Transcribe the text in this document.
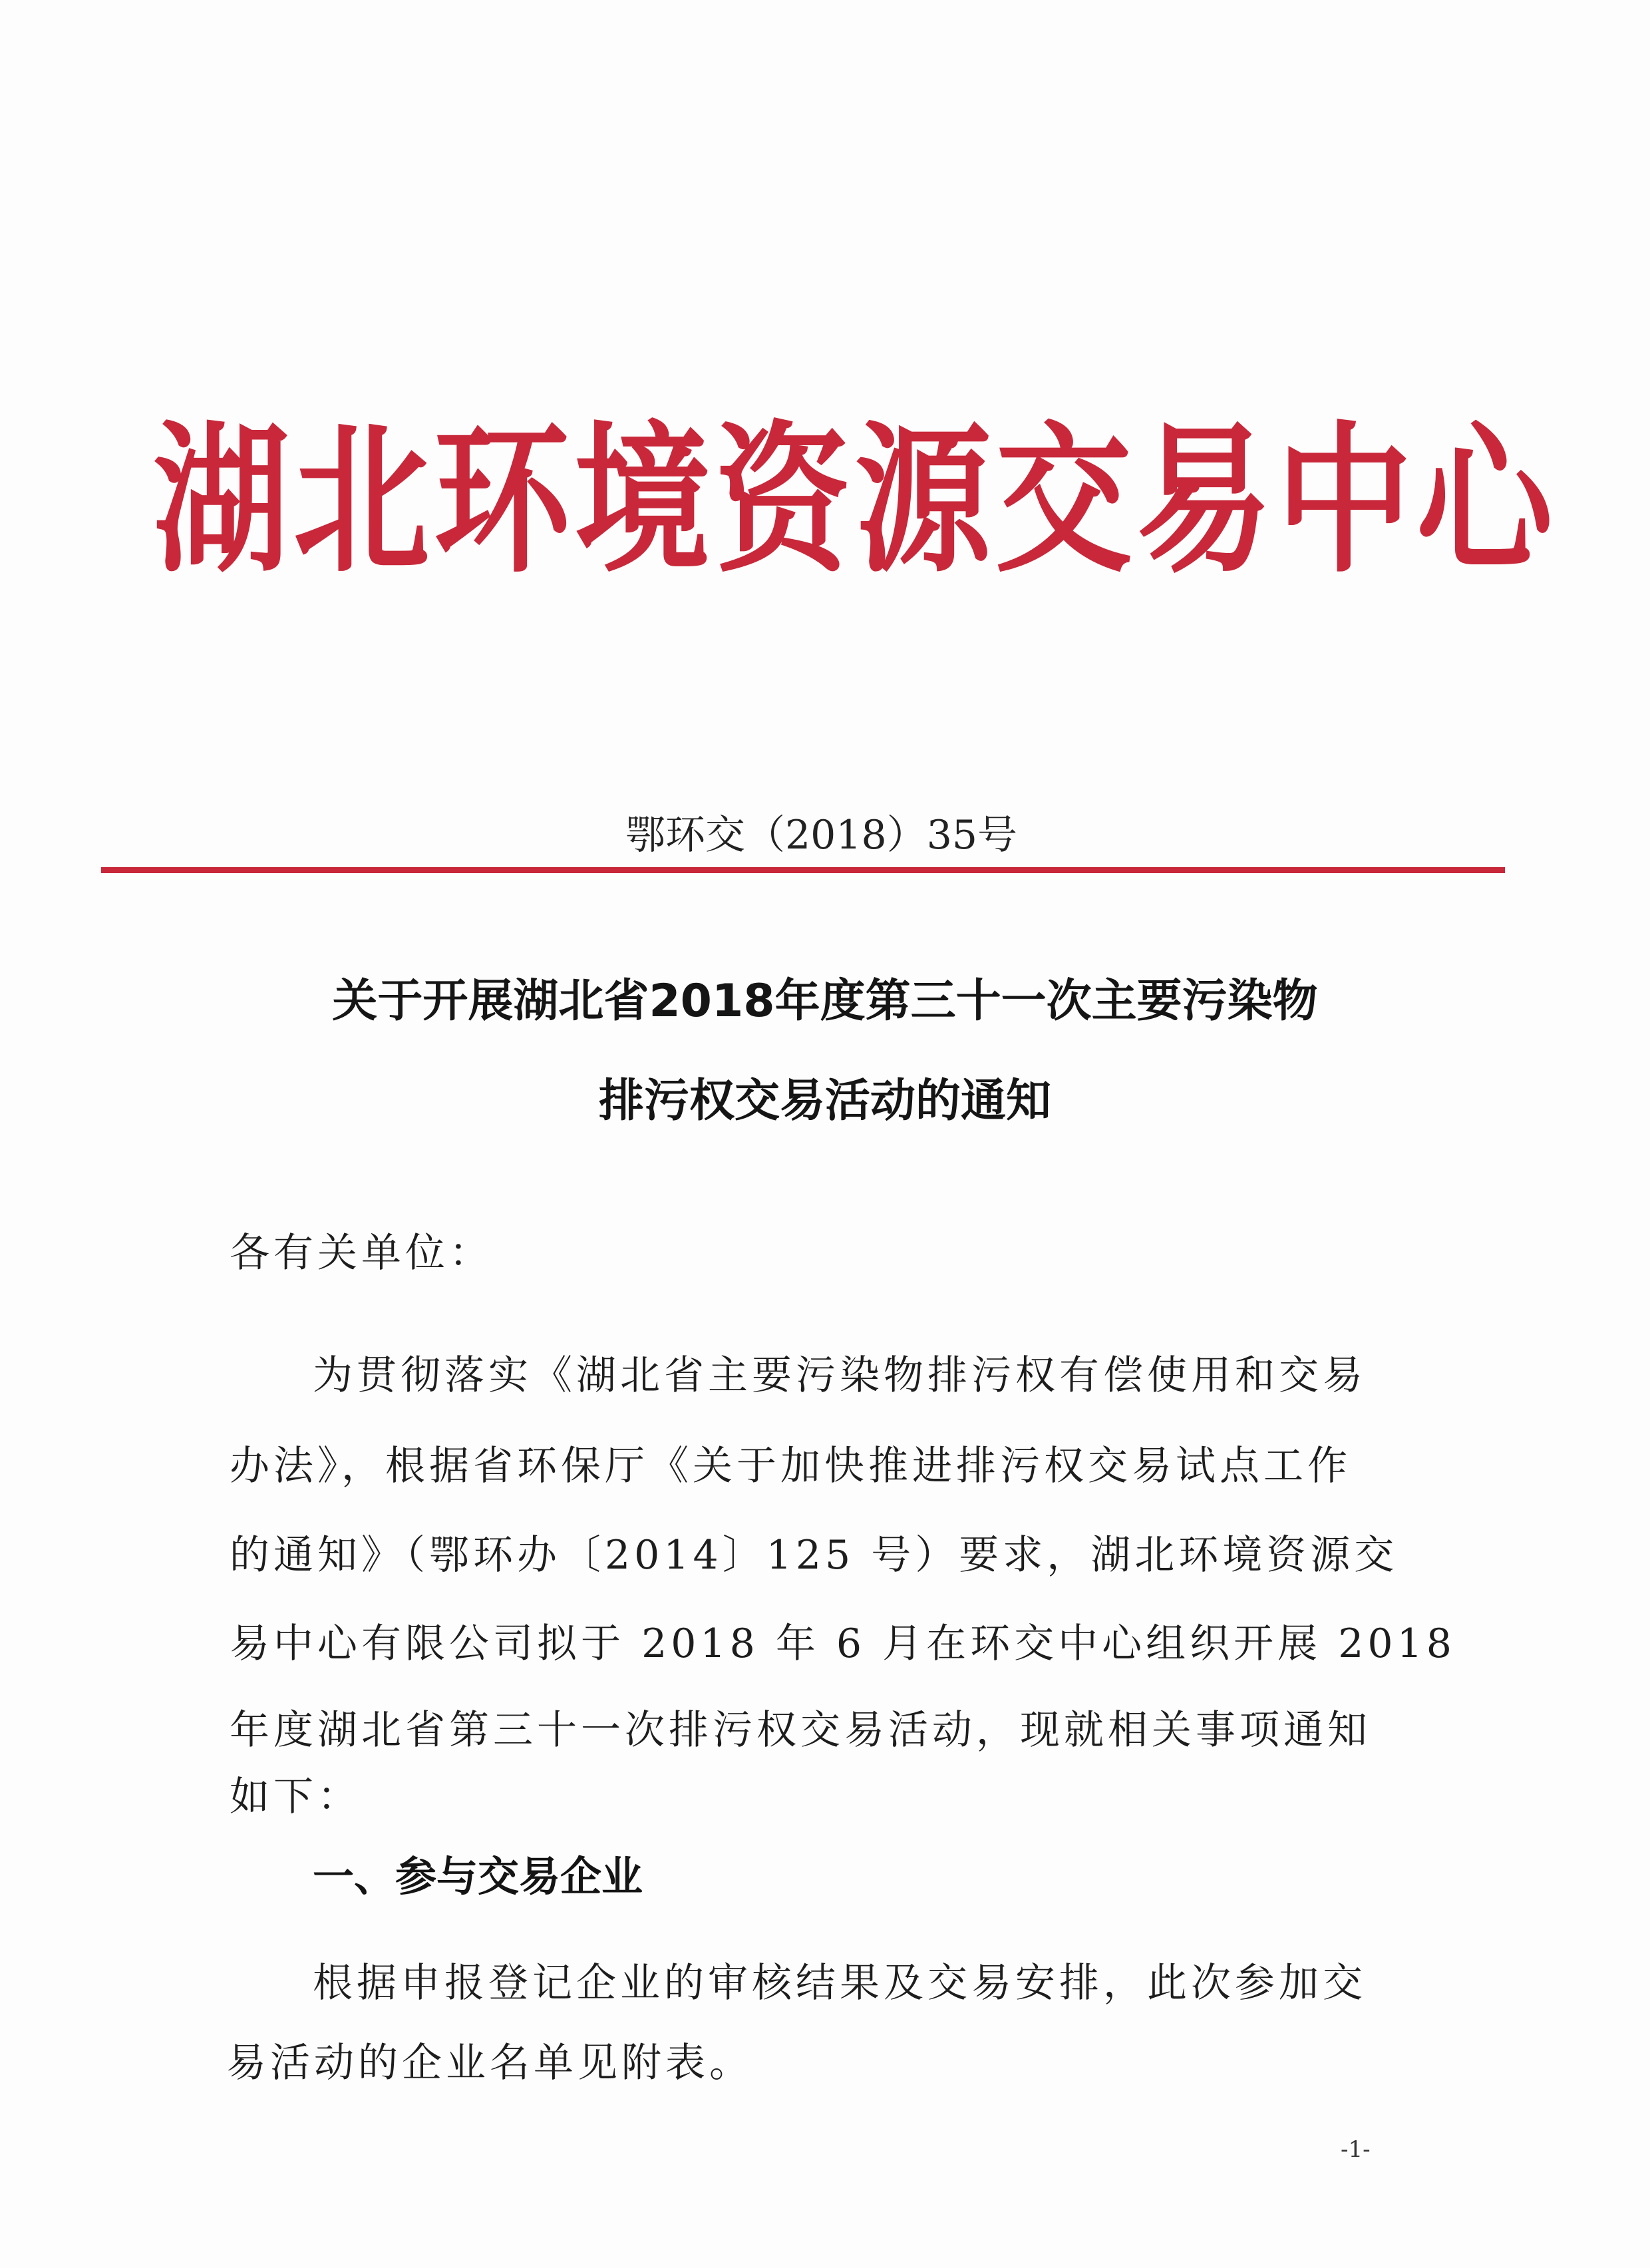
湖北环境资源交易中心
鄂环交（2018）35号
关于开展湖北省2018年度第三十一次主要污染物
排污权交易活动的通知
各有关单位：
为贯彻落实《湖北省主要污染物排污权有偿使用和交易
办法》，根据省环保厅《关于加快推进排污权交易试点工作
的通知》（鄂环办〔2014〕125 号）要求，湖北环境资源交
易中心有限公司拟于 2018 年 6 月在环交中心组织开展 2018
年度湖北省第三十一次排污权交易活动，现就相关事项通知
如下：
一、参与交易企业
根据申报登记企业的审核结果及交易安排，此次参加交
易活动的企业名单见附表。
-1-
